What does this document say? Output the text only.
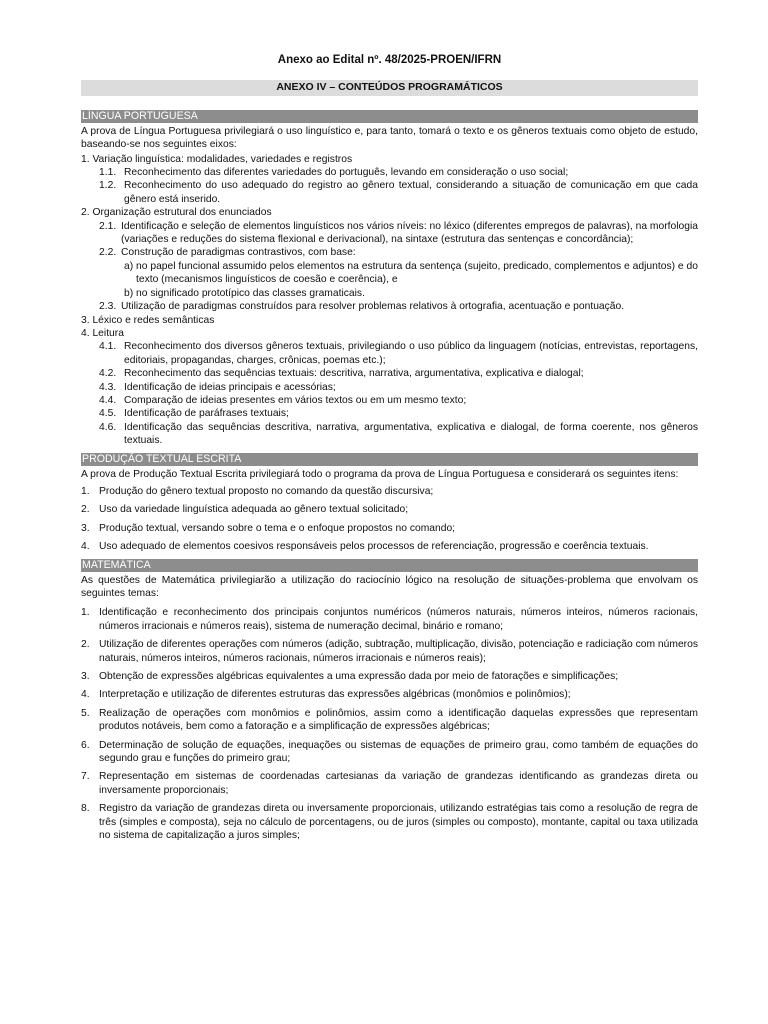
Anexo ao Edital nº. 48/2025-PROEN/IFRN
ANEXO IV – CONTEÚDOS PROGRAMÁTICOS
LÍNGUA PORTUGUESA

A prova de Língua Portuguesa privilegiará o uso linguístico e, para tanto, tomará o texto e os gêneros textuais como objeto de estudo, baseando-se nos seguintes eixos:

1. Variação linguística: modalidades, variedades e registros

1.1. Reconhecimento das diferentes variedades do português, levando em consideração o uso social;
1.2. Reconhecimento do uso adequado do registro ao gênero textual, considerando a situação de comunicação em que cada gênero está inserido.

2. Organização estrutural dos enunciados

2.1. Identificação e seleção de elementos linguísticos nos vários níveis: no léxico (diferentes empregos de palavras), na morfologia (variações e reduções do sistema flexional e derivacional), na sintaxe (estrutura das sentenças e concordância);
2.2. Construção de paradigmas contrastivos, com base:
a) no papel funcional assumido pelos elementos na estrutura da sentença (sujeito, predicado, complementos e adjuntos) e do texto (mecanismos linguísticos de coesão e coerência), e
b) no significado prototípico das classes gramaticais.
2.3. Utilização de paradigmas construídos para resolver problemas relativos à ortografia, acentuação e pontuação.

3. Léxico e redes semânticas

4. Leitura

4.1. Reconhecimento dos diversos gêneros textuais, privilegiando o uso público da linguagem (notícias, entrevistas, reportagens, editoriais, propagandas, charges, crônicas, poemas etc.);
4.2. Reconhecimento das sequências textuais: descritiva, narrativa, argumentativa, explicativa e dialogal;
4.3. Identificação de ideias principais e acessórias;
4.4. Comparação de ideias presentes em vários textos ou em um mesmo texto;
4.5. Identificação de paráfrases textuais;
4.6. Identificação das sequências descritiva, narrativa, argumentativa, explicativa e dialogal, de forma coerente, nos gêneros textuais.
PRODUÇÃO TEXTUAL ESCRITA

A prova de Produção Textual Escrita privilegiará todo o programa da prova de Língua Portuguesa e considerará os seguintes itens:

1. Produção do gênero textual proposto no comando da questão discursiva;
2. Uso da variedade linguística adequada ao gênero textual solicitado;
3. Produção textual, versando sobre o tema e o enfoque propostos no comando;
4. Uso adequado de elementos coesivos responsáveis pelos processos de referenciação, progressão e coerência textuais.
MATEMÁTICA

As questões de Matemática privilegiarão a utilização do raciocínio lógico na resolução de situações-problema que envolvam os seguintes temas:

1. Identificação e reconhecimento dos principais conjuntos numéricos (números naturais, números inteiros, números racionais, números irracionais e números reais), sistema de numeração decimal, binário e romano;
2. Utilização de diferentes operações com números (adição, subtração, multiplicação, divisão, potenciação e radiciação com números naturais, números inteiros, números racionais, números irracionais e números reais);
3. Obtenção de expressões algébricas equivalentes a uma expressão dada por meio de fatorações e simplificações;
4. Interpretação e utilização de diferentes estruturas das expressões algébricas (monômios e polinômios);
5. Realização de operações com monômios e polinômios, assim como a identificação daquelas expressões que representam produtos notáveis, bem como a fatoração e a simplificação de expressões algébricas;
6. Determinação de solução de equações, inequações ou sistemas de equações de primeiro grau, como também de equações do segundo grau e funções do primeiro grau;
7. Representação em sistemas de coordenadas cartesianas da variação de grandezas identificando as grandezas direta ou inversamente proporcionais;
8. Registro da variação de grandezas direta ou inversamente proporcionais, utilizando estratégias tais como a resolução de regra de três (simples e composta), seja no cálculo de porcentagens, ou de juros (simples ou composto), montante, capital ou taxa utilizada no sistema de capitalização a juros simples;
